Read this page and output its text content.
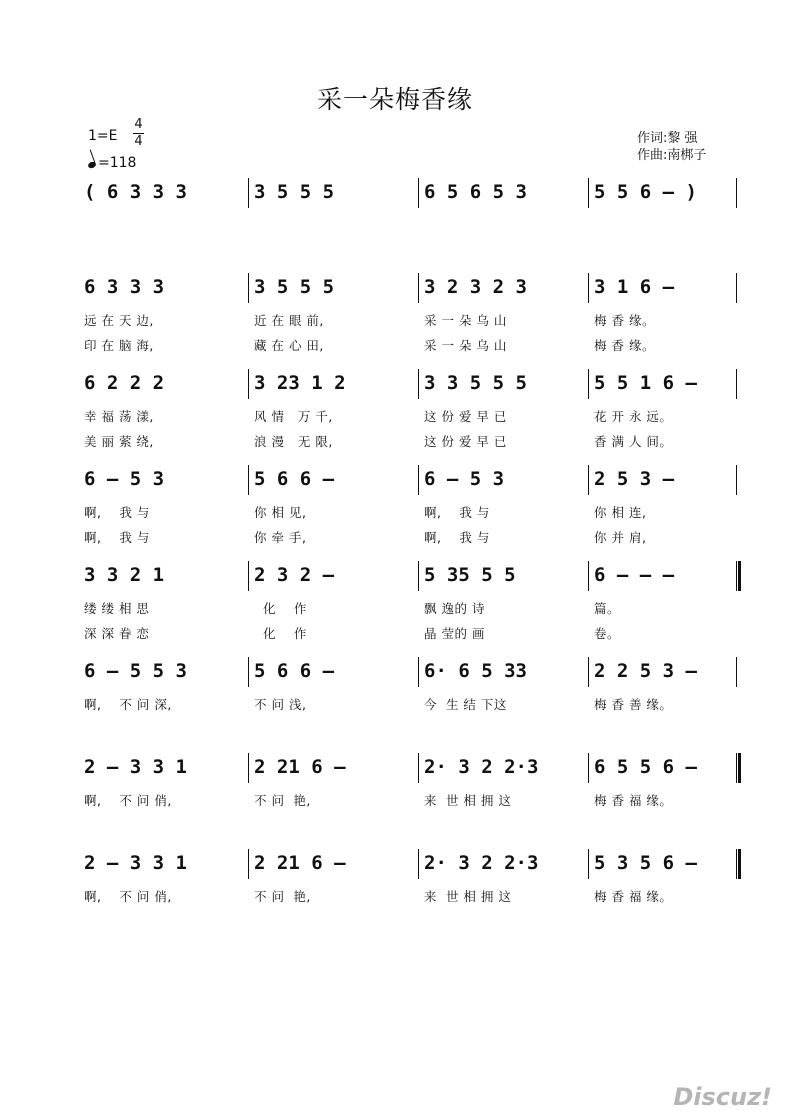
采一朵梅香缘
1=E
4
4
=118
作词:黎 强
作曲:南梆子
( 6 3 3 3	3 5 5 5	6 5 6 5 3	5 5 6 – )
6 3 3 3
远 在 天 边,
印 在 脑 海,
3 5 5 5
近 在 眼 前,
藏 在 心 田,
3 2 3 2 3
采 一 朵 乌 山
采 一 朵 乌 山
3 1 6 –
梅 香 缘。
梅 香 缘。
6 2 2 2
幸 福 荡 漾,
美 丽 萦 绕,
3 23 1 2
风 情   万 千,
浪 漫   无 限,
3 3 5 5 5
这 份 爱 早 已
这 份 爱 早 已
5 5 1 6 –
花 开 永 远。
香 满 人 间。
6 – 5 3
啊,    我 与
啊,    我 与
5 6 6 –
你 相 见,
你 牵 手,
6 – 5 3
啊,    我 与
啊,    我 与
2 5 3 –
你 相 连,
你 并 肩,
3 3 2 1
缕 缕 相 思
深 深 眷 恋
2 3 2 –
化    作
化    作
5 35 5 5
飘 逸的 诗
晶 莹的 画
6 – – –
篇。
卷。
6 – 5 5 3
啊,    不 问 深,
5 6 6 –
不 问 浅,
6· 6 5 33
今  生 结 下这
2 2 5 3 –
梅 香 善 缘。
2 – 3 3 1
啊,    不 问 俏,
2 21 6 –
不 问  艳,
2· 3 2 2·3
来  世 相 拥 这
6 5 5 6 –
梅 香 福 缘。
2 – 3 3 1
啊,    不 问 俏,
2 21 6 –
不 问  艳,
2· 3 2 2·3
来  世 相 拥 这
5 3 5 6 –
梅 香 福 缘。
Discuz!
